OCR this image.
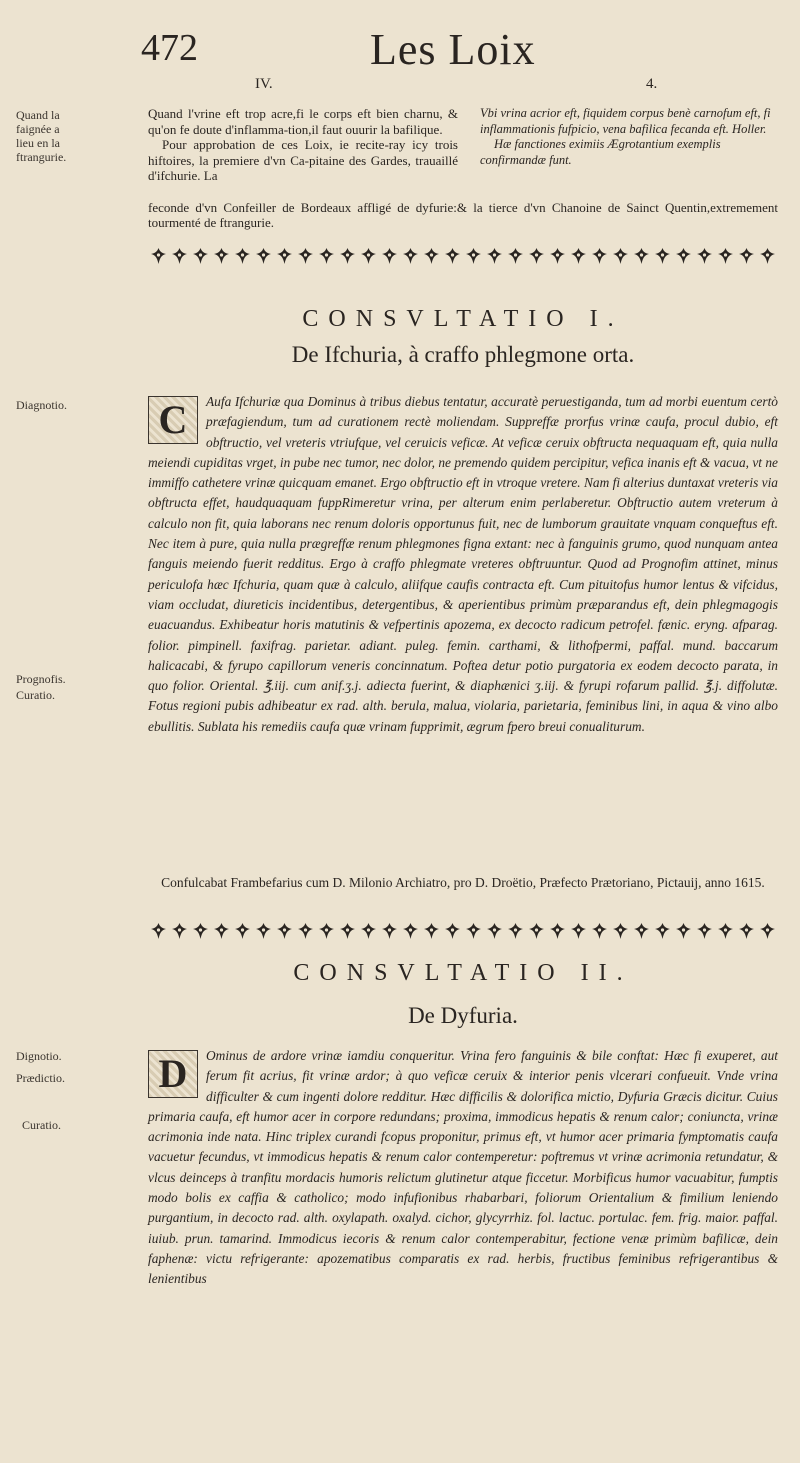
472	Les Loix
IV.	4.
Quand la faignée a lieu en la ftrangurie.
Diagnotio.
Prognofis.
Curatio.
Dignotio.
Prædictio.
Curatio.
Quand l'vrine eft trop acre,fi le corps eft bien charnu, & qu'on fe doute d'inflamma-tion,il faut ouurir la bafilique.

Pour approbation de ces Loix, ie recite-ray icy trois hiftoires, la premiere d'vn Ca-pitaine des Gardes, trauaillé d'ifchurie. La
Vbi vrina acrior eft, fiquidem corpus benè carnofum eft, fi inflammationis fufpicio, vena bafilica fecanda eft. Holler.

Hæ fanctiones eximiis Ægrotantium exemplis confirmandæ funt.
feconde d'vn Confeiller de Bordeaux affligé de dyfurie:& la tierce d'vn Chanoine de Sainct Quentin,extremement tourmenté de ftrangurie.
CONSVLTATIO I.
De Ifchuria, à craffo phlegmone orta.
C	Aufa Ifchuriæ qua Dominus à tribus diebus tentatur, accuratè peruestiganda, tum ad morbi euentum certò præfagiendum, tum ad curationem rectè moliendam. Suppreffæ prorfus vrinæ caufa, procul dubio, eft obftructio, vel vreteris vtriufque, vel ceruicis veficæ. At veficæ ceruix obftructa nequaquam eft, quia nulla meiendi cupiditas vrget, in pube nec tumor, nec dolor, ne premendo quidem percipitur, vefica inanis eft & vacua, vt ne immiffo cathetere vrinæ quicquam emanet. Ergo obftructio eft in vtroque vretere. Nam fi alterius duntaxat vreteris via obftructa effet, haudquaquam fuppRimeretur vrina, per alterum enim perlaberetur. Obftructio autem vreterum à calculo non fit, quia laborans nec renum doloris opportunus fuit, nec de lumborum grauitate vnquam conqueftus eft. Nec item à pure, quia nulla prægreffæ renum phlegmones figna extant: nec à fanguinis grumo, quod nunquam antea fanguis meiendo fuerit redditus. Ergo à craffo phlegmate vreteres obftruuntur. Quod ad Prognofim attinet, minus periculofa hæc Ifchuria, quam quæ à calculo, aliifque caufis contracta eft. Cum pituitofus humor lentus & vifcidus, viam occludat, diureticis incidentibus, detergentibus, & aperientibus primùm præparandus eft, dein phlegmagogis euacuandus. Exhibeatur horis matutinis & vefpertinis apozema, ex decocto radicum petrofel. fænic. eryng. afparag. folior. pimpinell. faxifrag. parietar. adiant. puleg. femin. carthami, & lithofpermi, paffal. mund. baccarum halicacabi, & fyrupo capillorum veneris concinnatum. Poftea detur potio purgatoria ex eodem decocto parata, in quo folior. Oriental. ℥.iij. cum anif.ʒ.j. adiecta fuerint, & diaphænici ʒ.iij. & fyrupi rofarum pallid. ℥.j. diffolutæ. Fotus regioni pubis adhibeatur ex rad. alth. berula, malua, violaria, parietaria, feminibus lini, in aqua & vino albo ebullitis. Sublata his remediis caufa quæ vrinam fupprimit, ægrum fpero breui conualiturum.
Confulcabat Frambefarius cum D. Milonio Archiatro, pro D. Droëtio, Præfecto Prætoriano, Pictauij, anno 1615.
CONSVLTATIO II.
De Dyfuria.
D	Ominus de ardore vrinæ iamdiu conqueritur. Vrina fero fanguinis & bile conftat: Hæc fi exuperet, aut ferum fit acrius, fit vrinæ ardor; à quo veficæ ceruix & interior penis vlcerari confueuit. Vnde vrina difficulter & cum ingenti dolore redditur. Hæc difficilis & dolorifica mictio, Dyfuria Græcis dicitur. Cuius primaria caufa, eft humor acer in corpore redundans; proxima, immodicus hepatis & renum calor; coniuncta, vrinæ acrimonia inde nata. Hinc triplex curandi fcopus proponitur, primus eft, vt humor acer primaria fymptomatis caufa vacuetur fecundus, vt immodicus hepatis & renum calor contemperetur: poftremus vt vrinæ acrimonia retundatur, & vlcus deinceps à tranfitu mordacis humoris relictum glutinetur atque ficcetur. Morbificus humor vacuabitur, fumptis modo bolis ex caffia & catholico; modo infufionibus rhabarbari, foliorum Orientalium & fimilium leniendo purgantium, in decocto rad. alth. oxylapath. oxalyd. cichor, glycyrrhiz. fol. lactuc. portulac. fem. frig. maior. paffal. iuiub. prun. tamarind. Immodicus iecoris & renum calor contemperabitur, fectione venæ primùm bafilicæ, dein faphenæ: victu refrigerante: apozematibus comparatis ex rad. herbis, fructibus feminibus refrigerantibus & lenientibus
